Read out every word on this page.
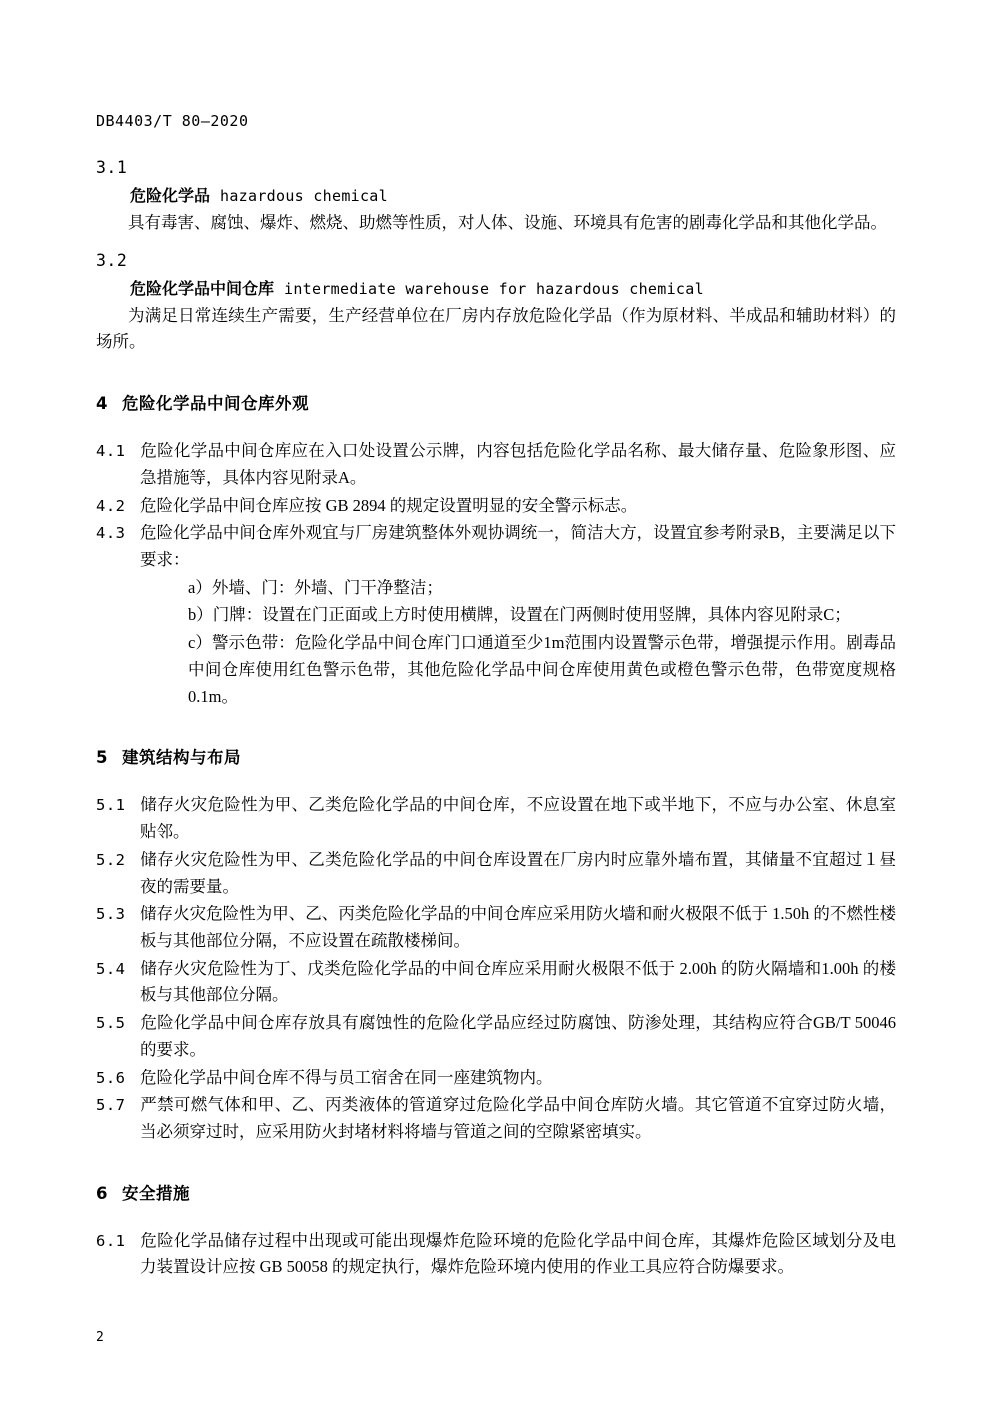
DB4403/T 80—2020
3.1
危险化学品 hazardous chemical

具有毒害、腐蚀、爆炸、燃烧、助燃等性质，对人体、设施、环境具有危害的剧毒化学品和其他化学品。

3.2
危险化学品中间仓库 intermediate warehouse for hazardous chemical

为满足日常连续生产需要，生产经营单位在厂房内存放危险化学品（作为原材料、半成品和辅助材料）的场所。

4 危险化学品中间仓库外观

4.1 危险化学品中间仓库应在入口处设置公示牌，内容包括危险化学品名称、最大储存量、危险象形图、应急措施等，具体内容见附录A。

4.2 危险化学品中间仓库应按 GB 2894 的规定设置明显的安全警示标志。

4.3 危险化学品中间仓库外观宜与厂房建筑整体外观协调统一，简洁大方，设置宜参考附录B，主要满足以下要求：

a）外墙、门：外墙、门干净整洁；

b）门牌：设置在门正面或上方时使用横牌，设置在门两侧时使用竖牌，具体内容见附录C；

c）警示色带：危险化学品中间仓库门口通道至少1m范围内设置警示色带，增强提示作用。剧毒品中间仓库使用红色警示色带，其他危险化学品中间仓库使用黄色或橙色警示色带，色带宽度规格0.1m。

5 建筑结构与布局

5.1 储存火灾危险性为甲、乙类危险化学品的中间仓库，不应设置在地下或半地下，不应与办公室、休息室贴邻。

5.2 储存火灾危险性为甲、乙类危险化学品的中间仓库设置在厂房内时应靠外墙布置，其储量不宜超过１昼夜的需要量。

5.3 储存火灾危险性为甲、乙、丙类危险化学品的中间仓库应采用防火墙和耐火极限不低于 1.50h 的不燃性楼板与其他部位分隔，不应设置在疏散楼梯间。

5.4 储存火灾危险性为丁、戊类危险化学品的中间仓库应采用耐火极限不低于 2.00h 的防火隔墙和1.00h 的楼板与其他部位分隔。

5.5 危险化学品中间仓库存放具有腐蚀性的危险化学品应经过防腐蚀、防渗处理，其结构应符合GB/T 50046 的要求。

5.6 危险化学品中间仓库不得与员工宿舍在同一座建筑物内。

5.7 严禁可燃气体和甲、乙、丙类液体的管道穿过危险化学品中间仓库防火墙。其它管道不宜穿过防火墙，当必须穿过时，应采用防火封堵材料将墙与管道之间的空隙紧密填实。

6 安全措施

6.1 危险化学品储存过程中出现或可能出现爆炸危险环境的危险化学品中间仓库，其爆炸危险区域划分及电力装置设计应按 GB 50058 的规定执行，爆炸危险环境内使用的作业工具应符合防爆要求。

2
